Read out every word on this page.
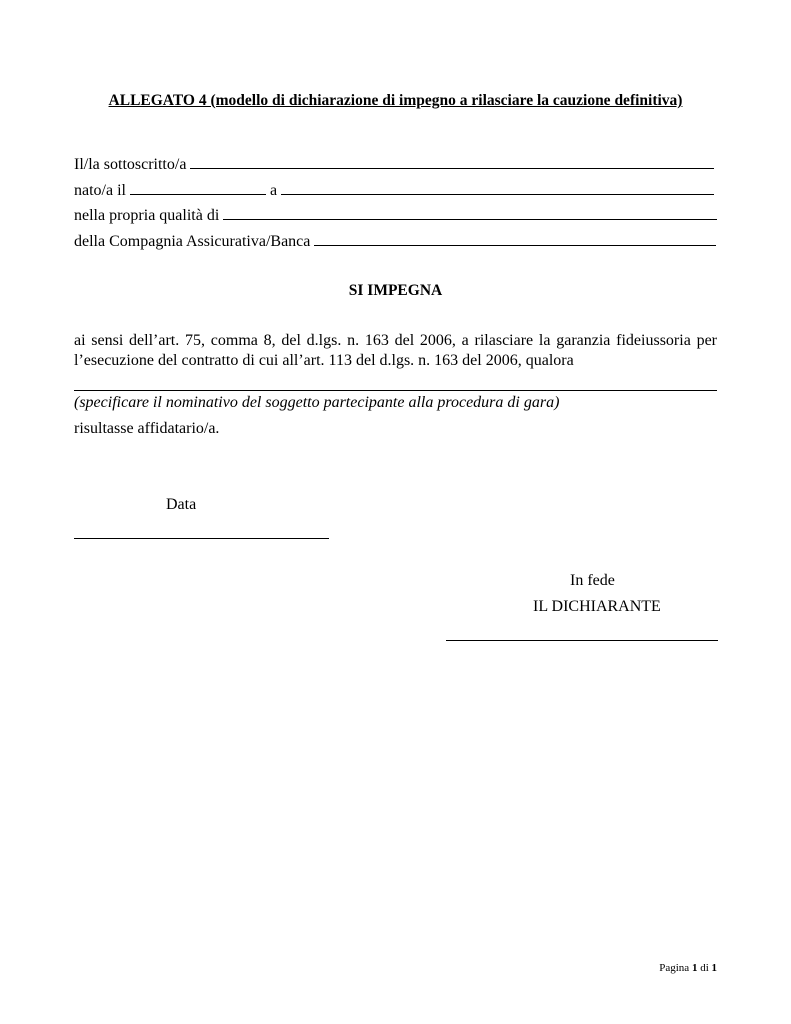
ALLEGATO 4 (modello di dichiarazione di impegno a rilasciare la cauzione definitiva)
Il/la sottoscritto/a
nato/a il	a
nella propria qualità di
della Compagnia Assicurativa/Banca
SI IMPEGNA
ai sensi dell’art. 75, comma 8, del d.lgs. n. 163 del 2006, a rilasciare la garanzia fideiussoria per l’esecuzione del contratto di cui all’art. 113 del d.lgs. n. 163 del 2006, qualora
(specificare il nominativo del soggetto partecipante alla procedura di gara)
risultasse affidatario/a.
Data
In fede
IL DICHIARANTE
Pagina 1 di 1
